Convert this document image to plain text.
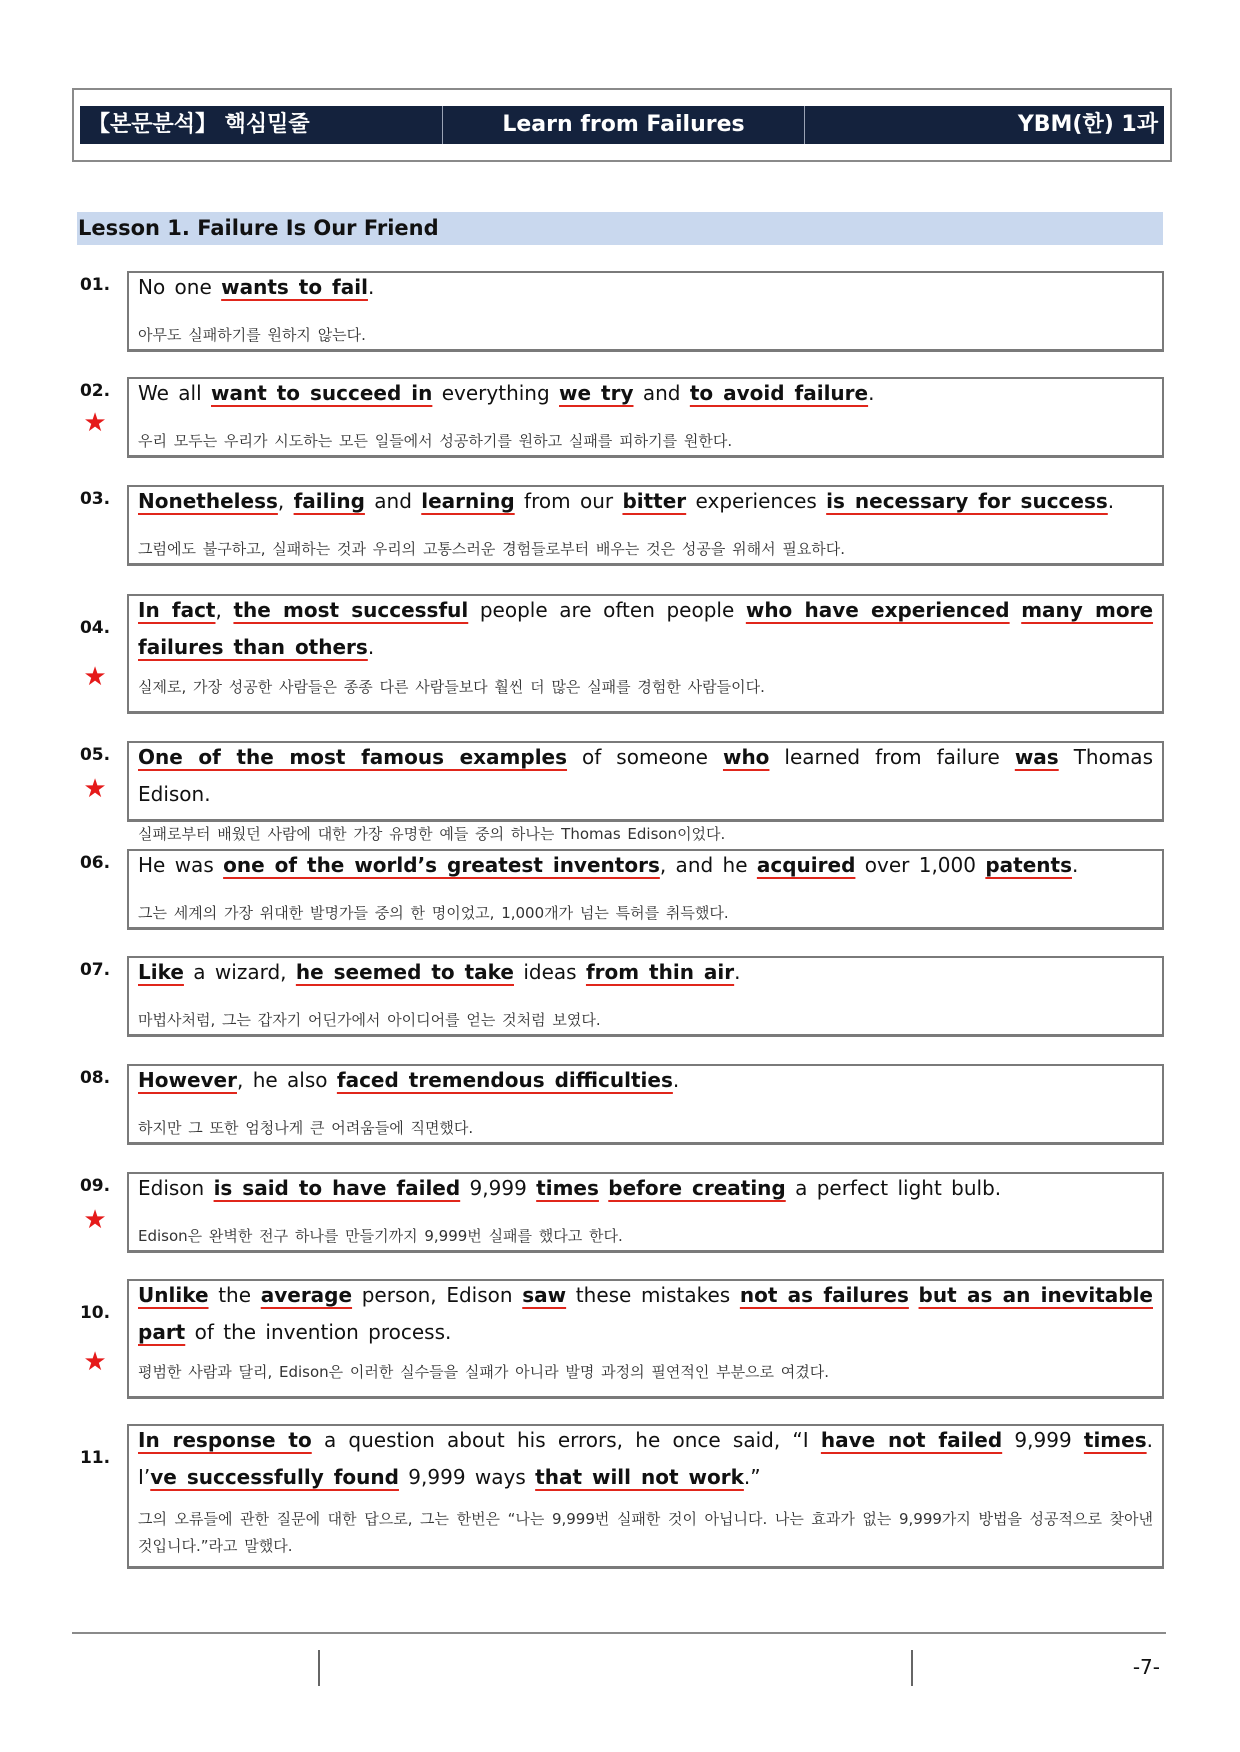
【본문분석】 핵심밑줄	Learn from Failures	YBM(한) 1과
Lesson 1. Failure Is Our Friend
01.	No one wants to fail.
아무도 실패하기를 원하지 않는다.
02.
★
We all want to succeed in everything we try and to avoid failure.
우리 모두는 우리가 시도하는 모든 일들에서 성공하기를 원하고 실패를 피하기를 원한다.
03.	Nonetheless, failing and learning from our bitter experiences is necessary for success.
그럼에도 불구하고, 실패하는 것과 우리의 고통스러운 경험들로부터 배우는 것은 성공을 위해서 필요하다.
04.
★
In fact, the most successful people are often people who have experienced many more failures than others.
실제로, 가장 성공한 사람들은 종종 다른 사람들보다 훨씬 더 많은 실패를 경험한 사람들이다.
05.
★
One of the most famous examples of someone who learned from failure was Thomas Edison.
실패로부터 배웠던 사람에 대한 가장 유명한 예들 중의 하나는 Thomas Edison이었다.
06.	He was one of the world’s greatest inventors, and he acquired over 1,000 patents.
그는 세계의 가장 위대한 발명가들 중의 한 명이었고, 1,000개가 넘는 특허를 취득했다.
07.	Like a wizard, he seemed to take ideas from thin air.
마법사처럼, 그는 갑자기 어딘가에서 아이디어를 얻는 것처럼 보였다.
08.	However, he also faced tremendous difficulties.
하지만 그 또한 엄청나게 큰 어려움들에 직면했다.
09.
★
Edison is said to have failed 9,999 times before creating a perfect light bulb.
Edison은 완벽한 전구 하나를 만들기까지 9,999번 실패를 했다고 한다.
10.
★
Unlike the average person, Edison saw these mistakes not as failures but as an inevitable part of the invention process.
평범한 사람과 달리, Edison은 이러한 실수들을 실패가 아니라 발명 과정의 필연적인 부분으로 여겼다.
11.
In response to a question about his errors, he once said, “I have not failed 9,999 times. I’ve successfully found 9,999 ways that will not work.”
그의 오류들에 관한 질문에 대한 답으로, 그는 한번은 “나는 9,999번 실패한 것이 아닙니다. 나는 효과가 없는 9,999가지 방법을 성공적으로 찾아낸 것입니다.”라고 말했다.
-7-
